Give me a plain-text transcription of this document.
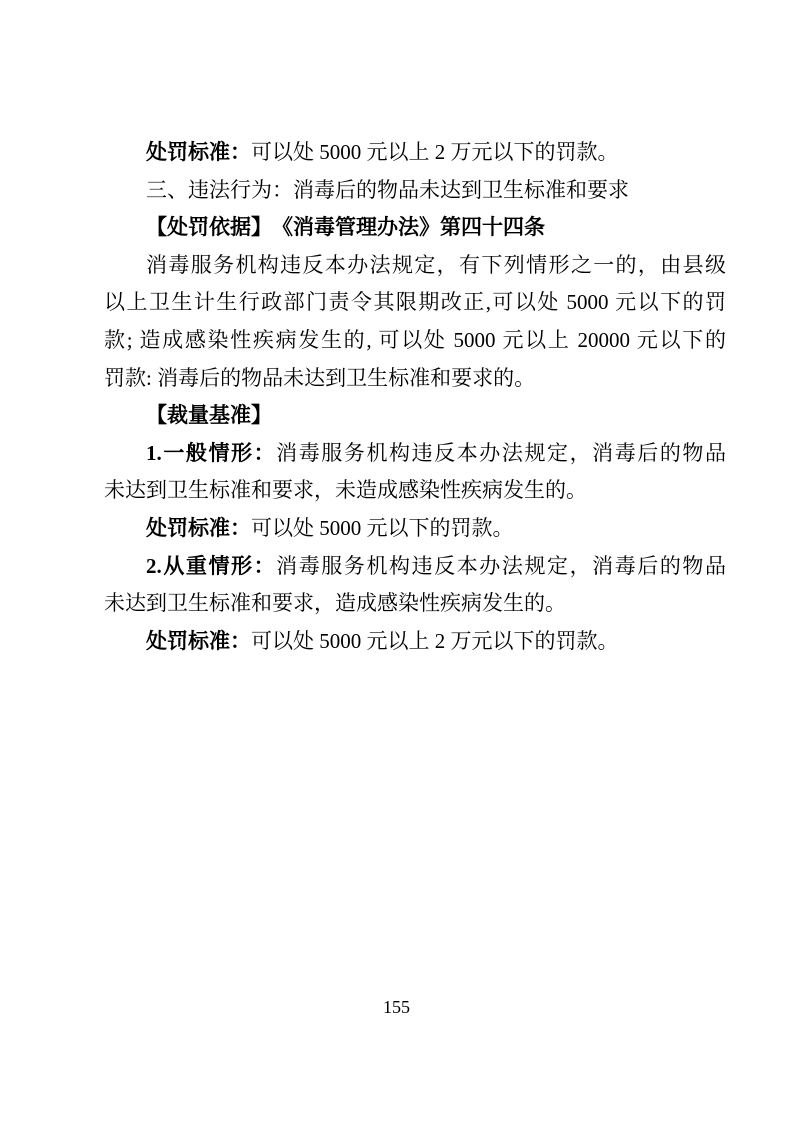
处罚标准：可以处 5000 元以上 2 万元以下的罚款。
三、违法行为：消毒后的物品未达到卫生标准和要求
【处罚依据】　《消毒管理办法》第四十四条
消毒服务机构违反本办法规定，有下列情形之一的，由县级
以上卫生计生行政部门责令其限期改正,可以处 5000 元以下的罚
款; 造成感染性疾病发生的, 可以处 5000 元以上 20000 元以下的
罚款: 消毒后的物品未达到卫生标准和要求的。
【裁量基准】
1.一般情形：消毒服务机构违反本办法规定，消毒后的物品
未达到卫生标准和要求，未造成感染性疾病发生的。
处罚标准：可以处 5000 元以下的罚款。
2.从重情形：消毒服务机构违反本办法规定，消毒后的物品
未达到卫生标准和要求，造成感染性疾病发生的。
处罚标准：可以处 5000 元以上 2 万元以下的罚款。
155
